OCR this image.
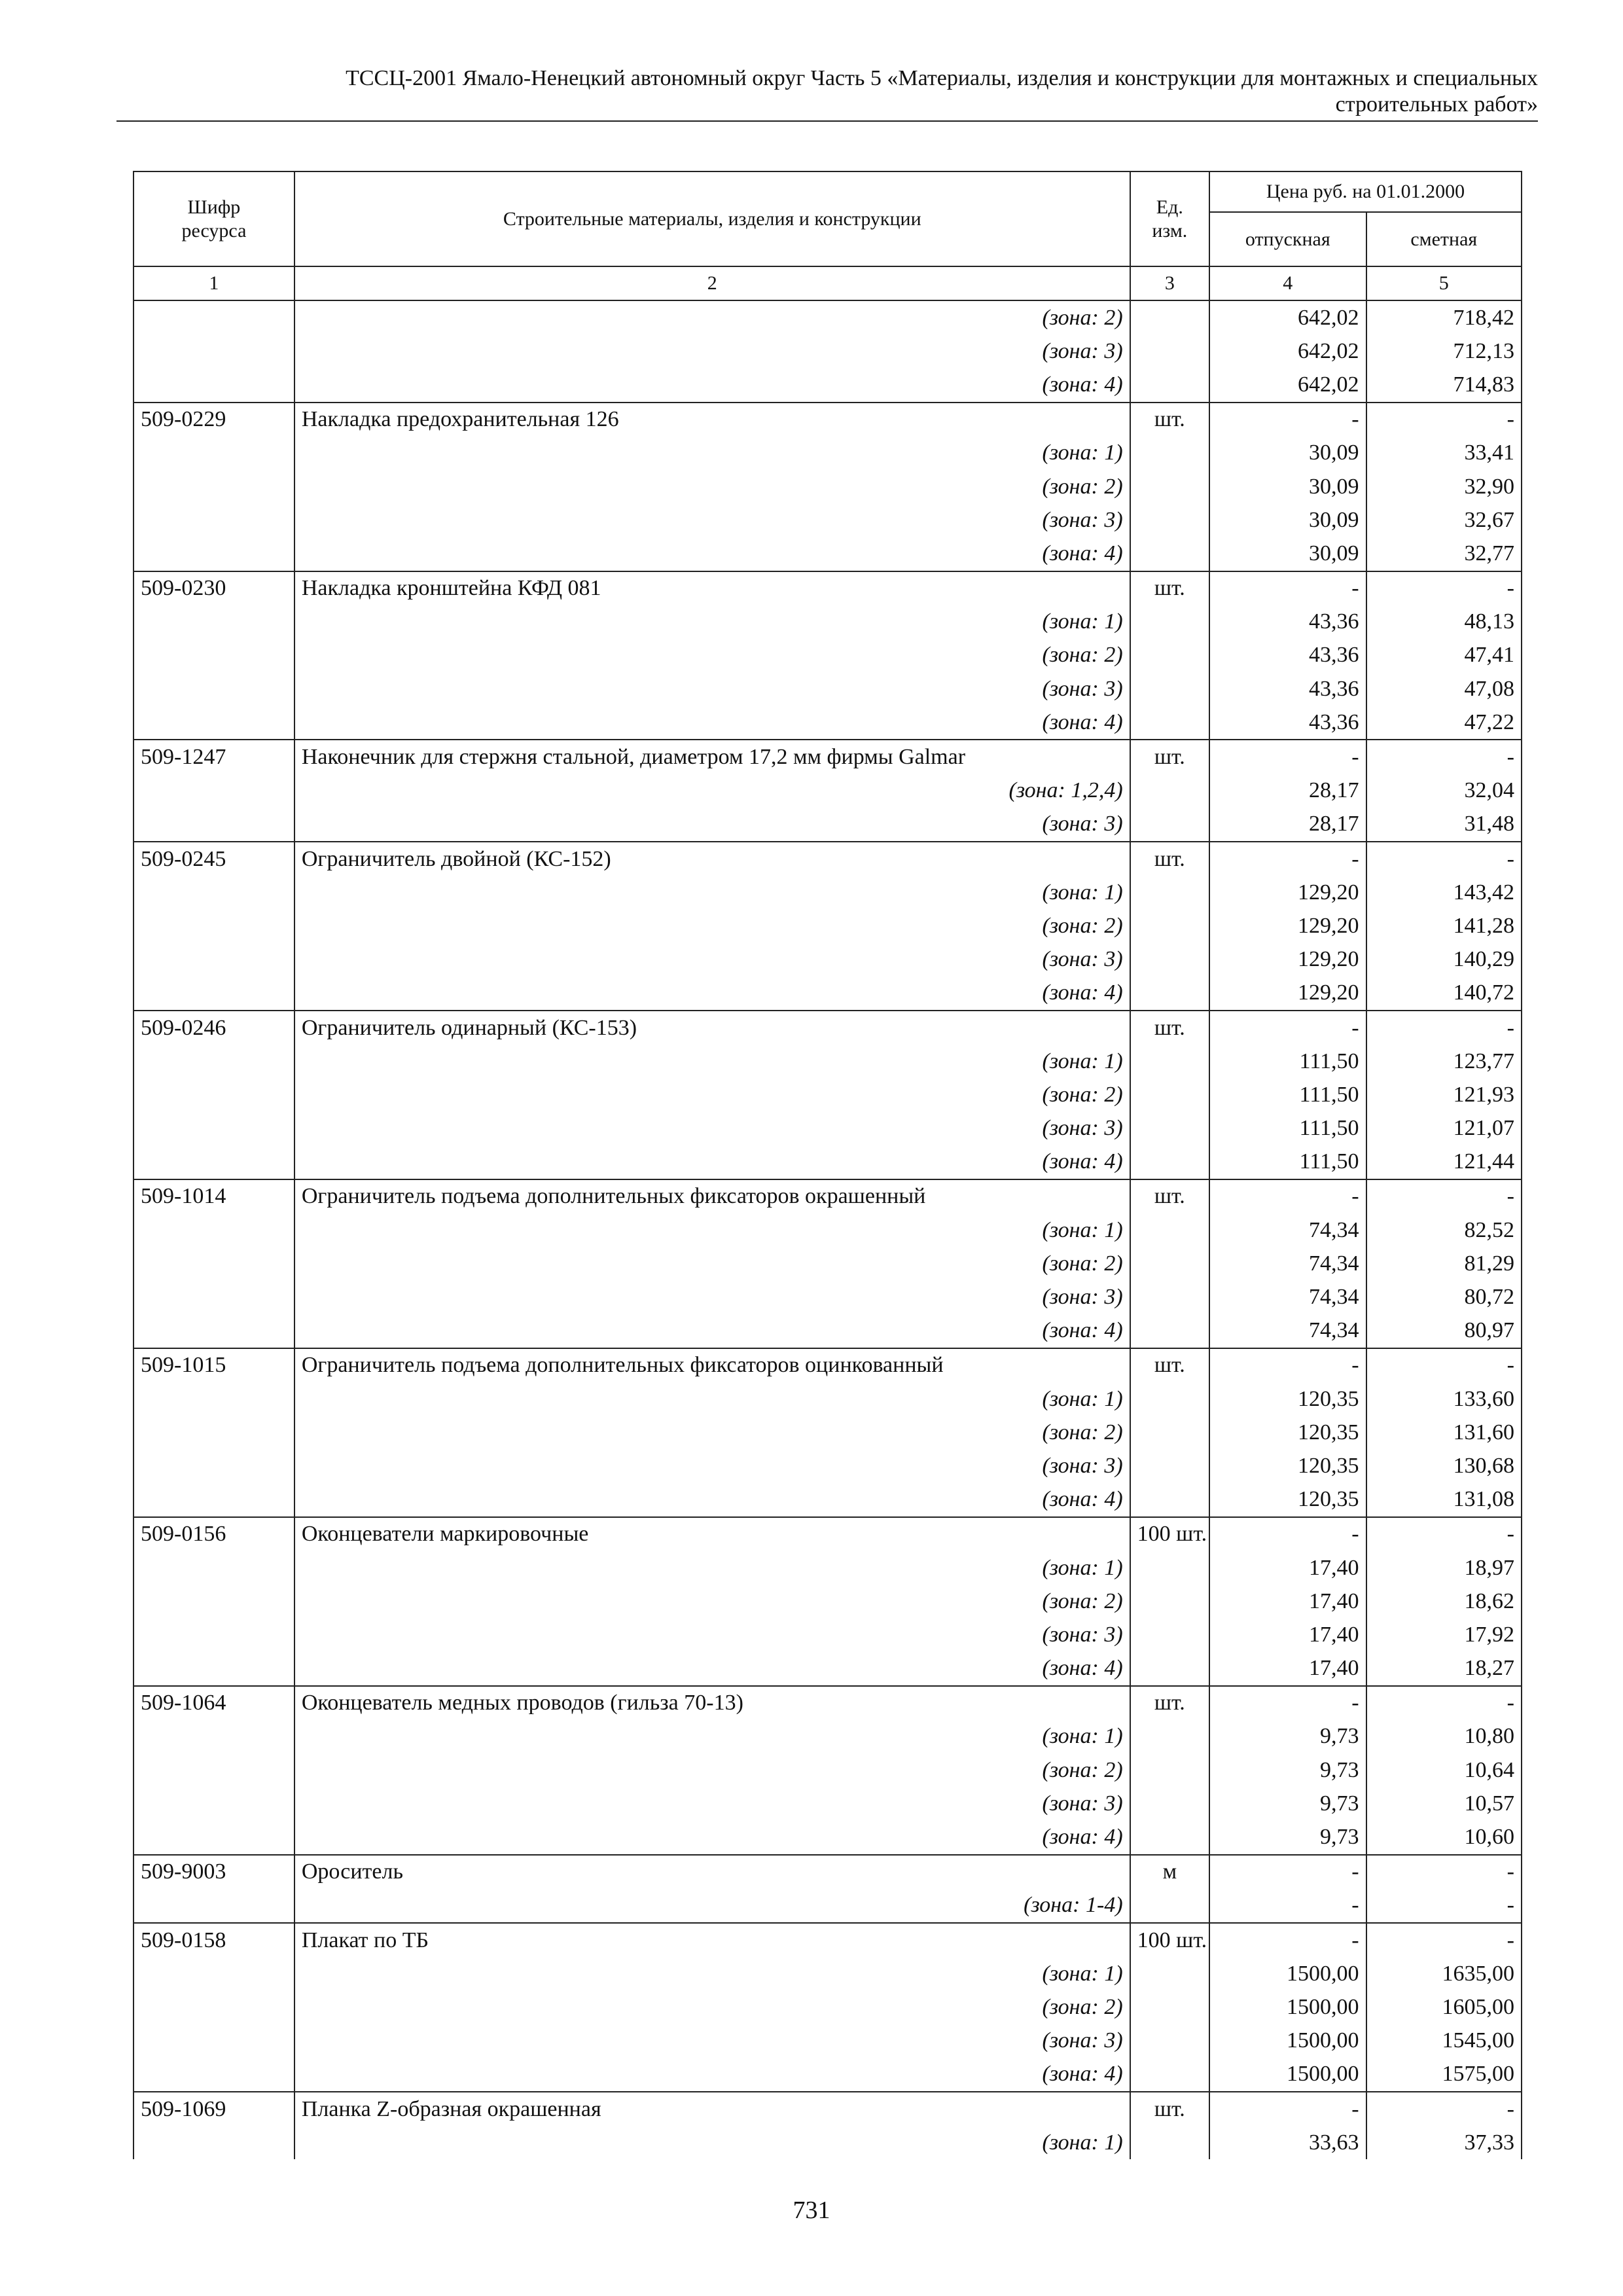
ТССЦ-2001 Ямало-Ненецкий автономный округ Часть 5 «Материалы, изделия и конструкции для монтажных и специальных
строительных работ»
Шифр ресурса	Строительные материалы, изделия и конструкции	Ед. изм.	Цена руб. на 01.01.2000	
			отпускная	сметная
1	2	3	4	5
	(зона: 2)		642,02	718,42
	(зона: 3)		642,02	712,13
	(зона: 4)		642,02	714,83
509-0229	Накладка предохранительная 126	шт.	-	-
	(зона: 1)		30,09	33,41
	(зона: 2)		30,09	32,90
	(зона: 3)		30,09	32,67
	(зона: 4)		30,09	32,77
509-0230	Накладка кронштейна КФД 081	шт.	-	-
	(зона: 1)		43,36	48,13
	(зона: 2)		43,36	47,41
	(зона: 3)		43,36	47,08
	(зона: 4)		43,36	47,22
509-1247	Наконечник для стержня стальной, диаметром 17,2 мм фирмы Galmar	шт.	-	-
	(зона: 1,2,4)		28,17	32,04
	(зона: 3)		28,17	31,48
509-0245	Ограничитель двойной (КС-152)	шт.	-	-
	(зона: 1)		129,20	143,42
	(зона: 2)		129,20	141,28
	(зона: 3)		129,20	140,29
	(зона: 4)		129,20	140,72
509-0246	Ограничитель одинарный (КС-153)	шт.	-	-
	(зона: 1)		111,50	123,77
	(зона: 2)		111,50	121,93
	(зона: 3)		111,50	121,07
	(зона: 4)		111,50	121,44
509-1014	Ограничитель подъема дополнительных фиксаторов окрашенный	шт.	-	-
	(зона: 1)		74,34	82,52
	(зона: 2)		74,34	81,29
	(зона: 3)		74,34	80,72
	(зона: 4)		74,34	80,97
509-1015	Ограничитель подъема дополнительных фиксаторов оцинкованный	шт.	-	-
	(зона: 1)		120,35	133,60
	(зона: 2)		120,35	131,60
	(зона: 3)		120,35	130,68
	(зона: 4)		120,35	131,08
509-0156	Оконцеватели маркировочные	100 шт.	-	-
	(зона: 1)		17,40	18,97
	(зона: 2)		17,40	18,62
	(зона: 3)		17,40	17,92
	(зона: 4)		17,40	18,27
509-1064	Оконцеватель медных проводов (гильза 70-13)	шт.	-	-
	(зона: 1)		9,73	10,80
	(зона: 2)		9,73	10,64
	(зона: 3)		9,73	10,57
	(зона: 4)		9,73	10,60
509-9003	Ороситель	м	-	-
	(зона: 1-4)		-	-
509-0158	Плакат по ТБ	100 шт.	-	-
	(зона: 1)		1500,00	1635,00
	(зона: 2)		1500,00	1605,00
	(зона: 3)		1500,00	1545,00
	(зона: 4)		1500,00	1575,00
509-1069	Планка Z-образная окрашенная	шт.	-	-
	(зона: 1)		33,63	37,33
731
